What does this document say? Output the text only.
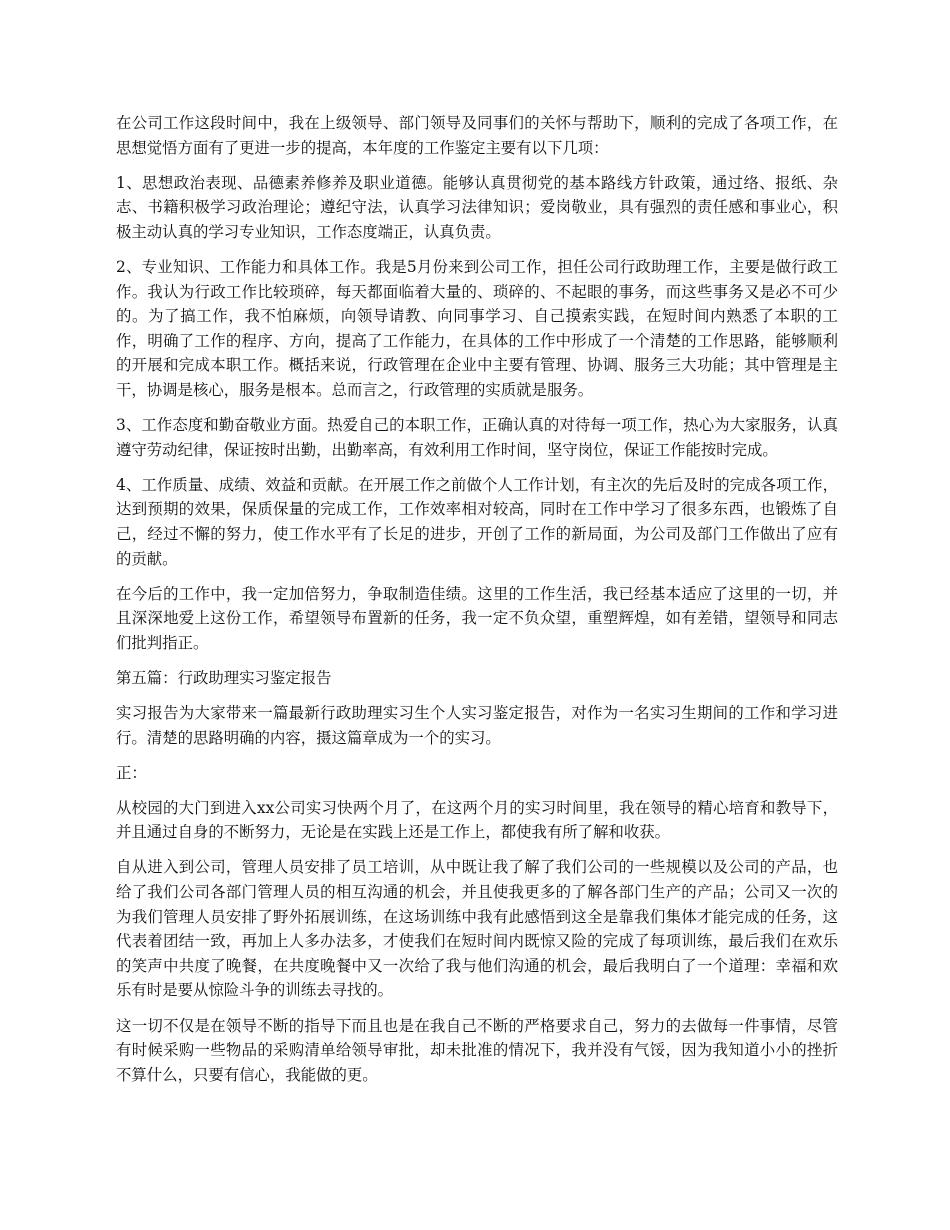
在公司工作这段时间中，我在上级领导、部门领导及同事们的关怀与帮助下，顺利的完成了各项工作，在思想觉悟方面有了更进一步的提高，本年度的工作鉴定主要有以下几项：

1、思想政治表现、品德素养修养及职业道德。能够认真贯彻党的基本路线方针政策，通过络、报纸、杂志、书籍积极学习政治理论；遵纪守法，认真学习法律知识；爱岗敬业，具有强烈的责任感和事业心，积极主动认真的学习专业知识，工作态度端正，认真负责。

2、专业知识、工作能力和具体工作。我是5月份来到公司工作，担任公司行政助理工作，主要是做行政工作。我认为行政工作比较琐碎，每天都面临着大量的、琐碎的、不起眼的事务，而这些事务又是必不可少的。为了搞工作，我不怕麻烦，向领导请教、向同事学习、自己摸索实践，在短时间内熟悉了本职的工作，明确了工作的程序、方向，提高了工作能力，在具体的工作中形成了一个清楚的工作思路，能够顺利的开展和完成本职工作。概括来说，行政管理在企业中主要有管理、协调、服务三大功能；其中管理是主干，协调是核心，服务是根本。总而言之，行政管理的实质就是服务。

3、工作态度和勤奋敬业方面。热爱自己的本职工作，正确认真的对待每一项工作，热心为大家服务，认真遵守劳动纪律，保证按时出勤，出勤率高，有效利用工作时间，坚守岗位，保证工作能按时完成。

4、工作质量、成绩、效益和贡献。在开展工作之前做个人工作计划，有主次的先后及时的完成各项工作，达到预期的效果，保质保量的完成工作，工作效率相对较高，同时在工作中学习了很多东西，也锻炼了自己，经过不懈的努力，使工作水平有了长足的进步，开创了工作的新局面，为公司及部门工作做出了应有的贡献。

在今后的工作中，我一定加倍努力，争取制造佳绩。这里的工作生活，我已经基本适应了这里的一切，并且深深地爱上这份工作，希望领导布置新的任务，我一定不负众望，重塑辉煌，如有差错，望领导和同志们批判指正。

第五篇：行政助理实习鉴定报告

实习报告为大家带来一篇最新行政助理实习生个人实习鉴定报告，对作为一名实习生期间的工作和学习进行。清楚的思路明确的内容，摄这篇章成为一个的实习。

正：

从校园的大门到进入xx公司实习快两个月了，在这两个月的实习时间里，我在领导的精心培育和教导下，并且通过自身的不断努力，无论是在实践上还是工作上，都使我有所了解和收获。

自从进入到公司，管理人员安排了员工培训，从中既让我了解了我们公司的一些规模以及公司的产品，也给了我们公司各部门管理人员的相互沟通的机会，并且使我更多的了解各部门生产的产品；公司又一次的为我们管理人员安排了野外拓展训练，在这场训练中我有此感悟到这全是靠我们集体才能完成的任务，这代表着团结一致，再加上人多办法多，才使我们在短时间内既惊又险的完成了每项训练，最后我们在欢乐的笑声中共度了晚餐，在共度晚餐中又一次给了我与他们沟通的机会，最后我明白了一个道理：幸福和欢乐有时是要从惊险斗争的训练去寻找的。

这一切不仅是在领导不断的指导下而且也是在我自己不断的严格要求自己，努力的去做每一件事情，尽管有时候采购一些物品的采购清单给领导审批，却未批准的情况下，我并没有气馁，因为我知道小小的挫折不算什么，只要有信心，我能做的更。
